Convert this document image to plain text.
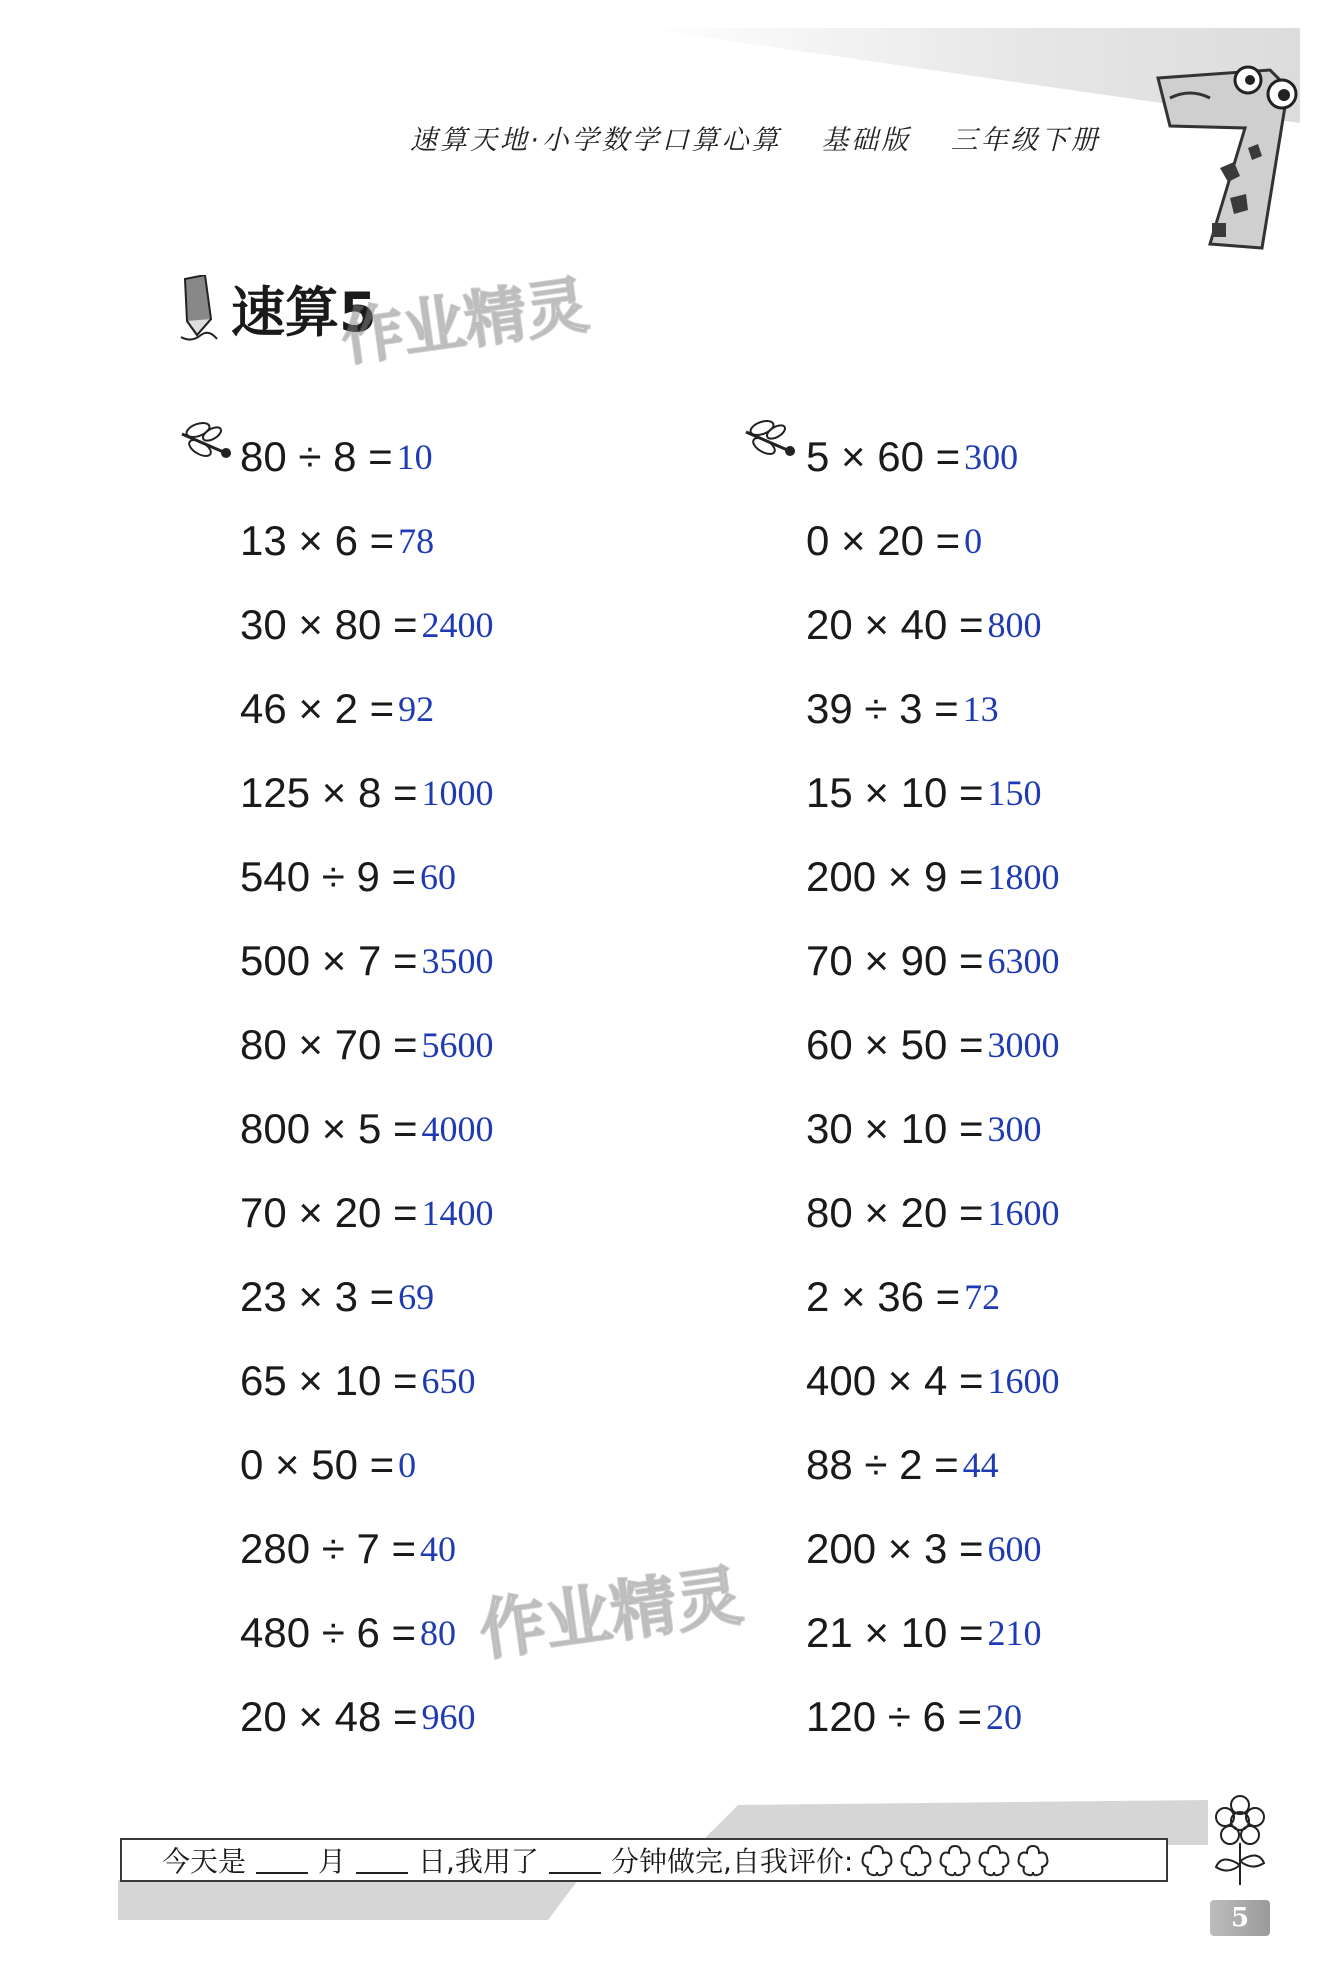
速算天地·小学数学口算心算 基础版 三年级下册
速算5
作业精灵
作业精灵
80 ÷ 8 = 10
13 × 6 = 78
30 × 80 = 2400
46 × 2 = 92
125 × 8 = 1000
540 ÷ 9 = 60
500 × 7 = 3500
80 × 70 = 5600
800 × 5 = 4000
70 × 20 = 1400
23 × 3 = 69
65 × 10 = 650
0 × 50 = 0
280 ÷ 7 = 40
480 ÷ 6 = 80
20 × 48 = 960
5 × 60 = 300
0 × 20 = 0
20 × 40 = 800
39 ÷ 3 = 13
15 × 10 = 150
200 × 9 = 1800
70 × 90 = 6300
60 × 50 = 3000
30 × 10 = 300
80 × 20 = 1600
2 × 36 = 72
400 × 4 = 1600
88 ÷ 2 = 44
200 × 3 = 600
21 × 10 = 210
120 ÷ 6 = 20
今天是	月	日,我用了	分钟做完,自我评价:
5
